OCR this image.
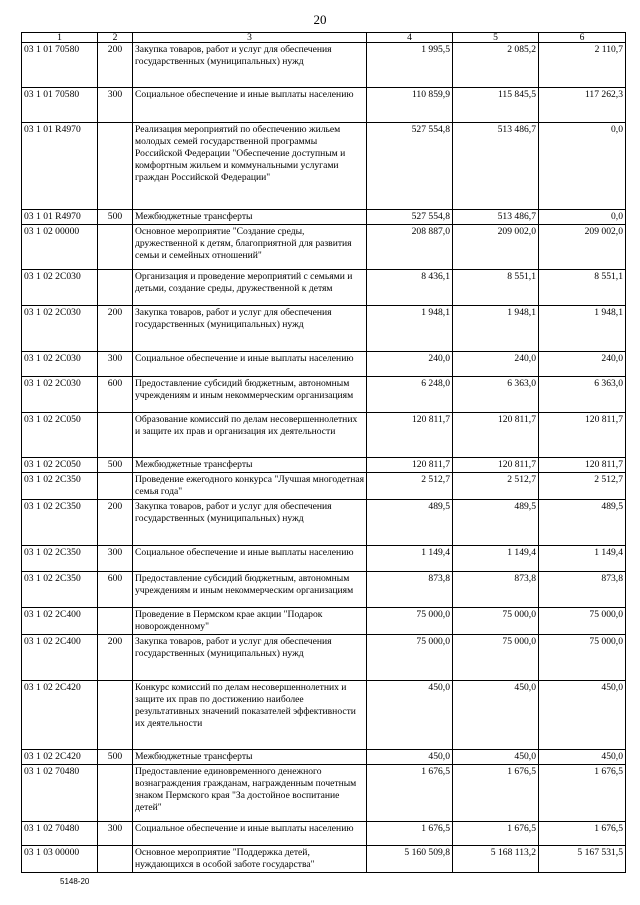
20
1	2	3	4	5	6
03 1 01 70580	200	Закупка товаров, работ и услуг для обеспечения государственных (муниципальных) нужд	1 995,5	2 085,2	2 110,7
03 1 01 70580	300	Социальное обеспечение и иные выплаты населению	110 859,9	115 845,5	117 262,3
03 1 01 R4970		Реализация мероприятий по обеспечению жильем молодых семей государственной программы Российской Федерации "Обеспечение доступным и комфортным жильем и коммунальными услугами граждан Российской Федерации"	527 554,8	513 486,7	0,0
03 1 01 R4970	500	Межбюджетные трансферты	527 554,8	513 486,7	0,0
03 1 02 00000		Основное мероприятие "Создание среды, дружественной к детям, благоприятной для развития семьи и семейных отношений"	208 887,0	209 002,0	209 002,0
03 1 02 2С030		Организация и проведение мероприятий с семьями и детьми, создание среды, дружественной к детям	8 436,1	8 551,1	8 551,1
03 1 02 2С030	200	Закупка товаров, работ и услуг для обеспечения государственных (муниципальных) нужд	1 948,1	1 948,1	1 948,1
03 1 02 2С030	300	Социальное обеспечение и иные выплаты населению	240,0	240,0	240,0
03 1 02 2С030	600	Предоставление субсидий бюджетным, автономным учреждениям и иным некоммерческим организациям	6 248,0	6 363,0	6 363,0
03 1 02 2С050		Образование комиссий по делам несовершеннолетних и защите их прав и организация их деятельности	120 811,7	120 811,7	120 811,7
03 1 02 2С050	500	Межбюджетные трансферты	120 811,7	120 811,7	120 811,7
03 1 02 2С350		Проведение ежегодного конкурса "Лучшая многодетная семья года"	2 512,7	2 512,7	2 512,7
03 1 02 2С350	200	Закупка товаров, работ и услуг для обеспечения государственных (муниципальных) нужд	489,5	489,5	489,5
03 1 02 2С350	300	Социальное обеспечение и иные выплаты населению	1 149,4	1 149,4	1 149,4
03 1 02 2С350	600	Предоставление субсидий бюджетным, автономным учреждениям и иным некоммерческим организациям	873,8	873,8	873,8
03 1 02 2С400		Проведение в Пермском крае акции "Подарок новорожденному"	75 000,0	75 000,0	75 000,0
03 1 02 2С400	200	Закупка товаров, работ и услуг для обеспечения государственных (муниципальных) нужд	75 000,0	75 000,0	75 000,0
03 1 02 2С420		Конкурс комиссий по делам несовершеннолетних и защите их прав по достижению наиболее результативных значений показателей эффективности их деятельности	450,0	450,0	450,0
03 1 02 2С420	500	Межбюджетные трансферты	450,0	450,0	450,0
03 1 02 70480		Предоставление единовременного денежного вознаграждения гражданам, награжденным почетным знаком Пермского края "За достойное воспитание детей"	1 676,5	1 676,5	1 676,5
03 1 02 70480	300	Социальное обеспечение и иные выплаты населению	1 676,5	1 676,5	1 676,5
03 1 03 00000		Основное мероприятие "Поддержка детей, нуждающихся в особой заботе государства"	5 160 509,8	5 168 113,2	5 167 531,5
5148-20
